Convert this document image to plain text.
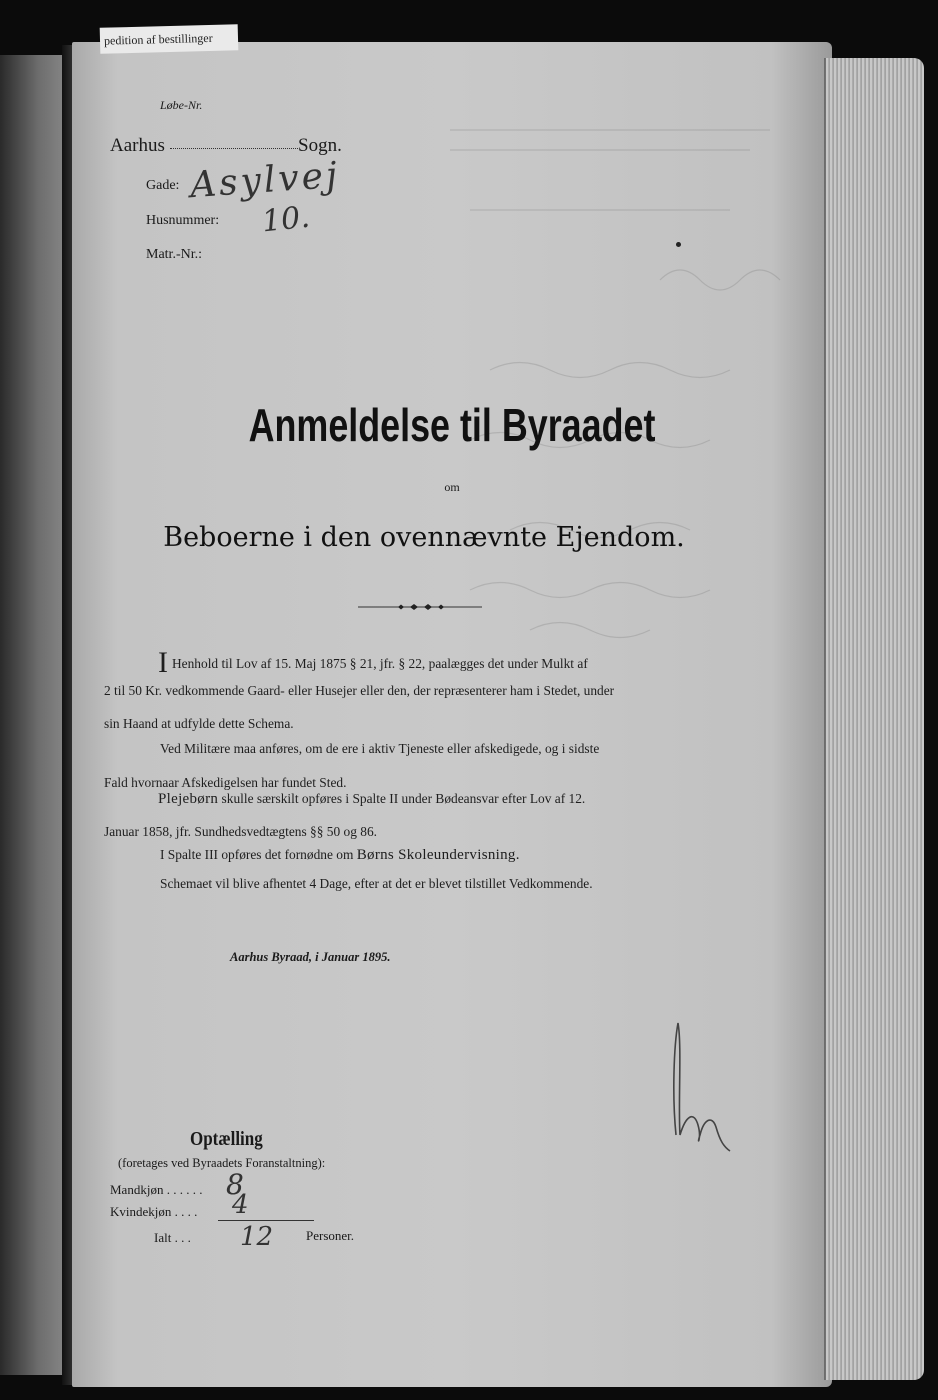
pedition af bestillinger
Løbe-Nr.
Aarhus	Sogn.
Gade: Asylvej
Husnummer: 10.
Matr.-Nr.:
Anmeldelse til Byraadet
om
Beboerne i den ovennævnte Ejendom.
I Henhold til Lov af 15. Maj 1875 § 21, jfr. § 22, paalægges det under Mulkt af
2 til 50 Kr. vedkommende Gaard- eller Husejer eller den, der repræsenterer ham i Stedet, under
sin Haand at udfylde dette Schema.
Ved Militære maa anføres, om de ere i aktiv Tjeneste eller afskedigede, og i sidste
Fald hvornaar Afskedigelsen har fundet Sted.
Plejebørn skulle særskilt opføres i Spalte II under Bødeansvar efter Lov af 12.
Januar 1858, jfr. Sundhedsvedtægtens §§ 50 og 86.
I Spalte III opføres det fornødne om Børns Skoleundervisning.
Schemaet vil blive afhentet 4 Dage, efter at det er blevet tilstillet Vedkommende.
Aarhus Byraad, i Januar 1895.
Optælling
(foretages ved Byraadets Foranstaltning):
Mandkjøn . . . . . . 8
Kvindekjøn . . . . 4
Ialt . . . 12	Personer.
